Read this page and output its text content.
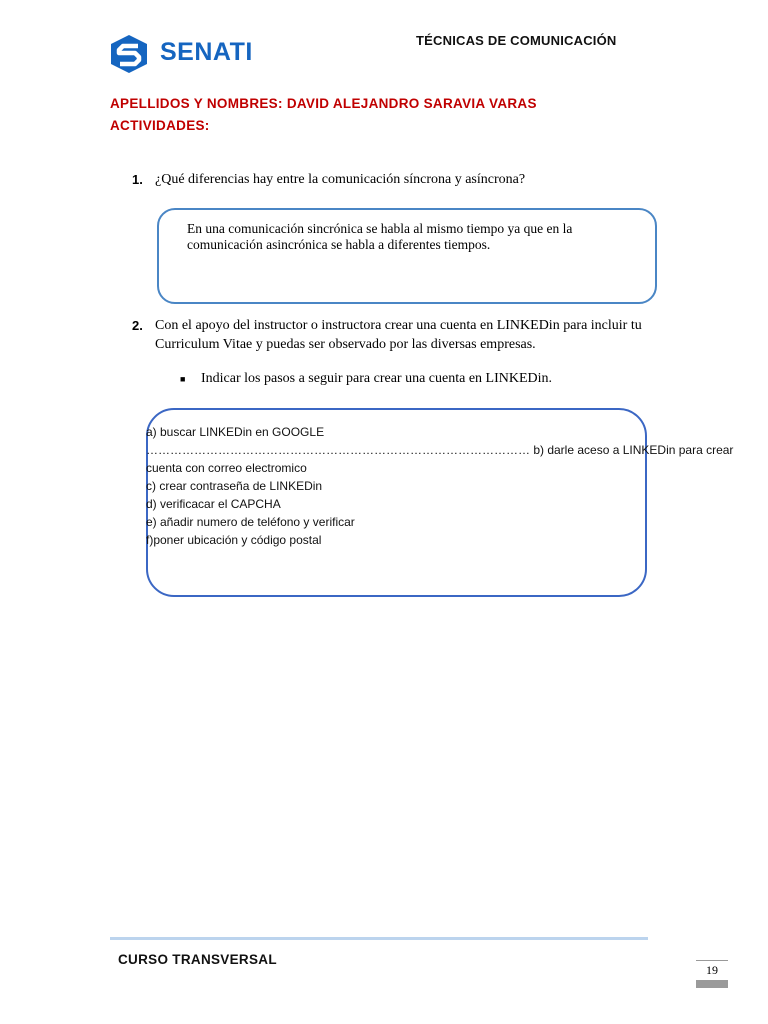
SENATI	TÉCNICAS DE COMUNICACIÓN
APELLIDOS Y NOMBRES: DAVID ALEJANDRO SARAVIA VARAS
ACTIVIDADES:
1. ¿Qué diferencias hay entre la comunicación síncrona y asíncrona?
En una comunicación sincrónica se habla al mismo tiempo ya que en la comunicación asincrónica se habla a diferentes tiempos.
2. Con el apoyo del instructor o instructora crear una cuenta en LINKEDin para incluir tu Curriculum Vitae y puedas ser observado por las diversas empresas.
■ Indicar los pasos a seguir para crear una cuenta en LINKEDin.
a) buscar LINKEDin en GOOGLE
…………………………………………………………………………………… b) darle aceso a LINKEDin para crear
cuenta con correo electromico
c) crear contraseña de LINKEDin
d) verificacar el CAPCHA
e) añadir numero de teléfono y verificar
f)poner ubicación y código postal
CURSO TRANSVERSAL
19
